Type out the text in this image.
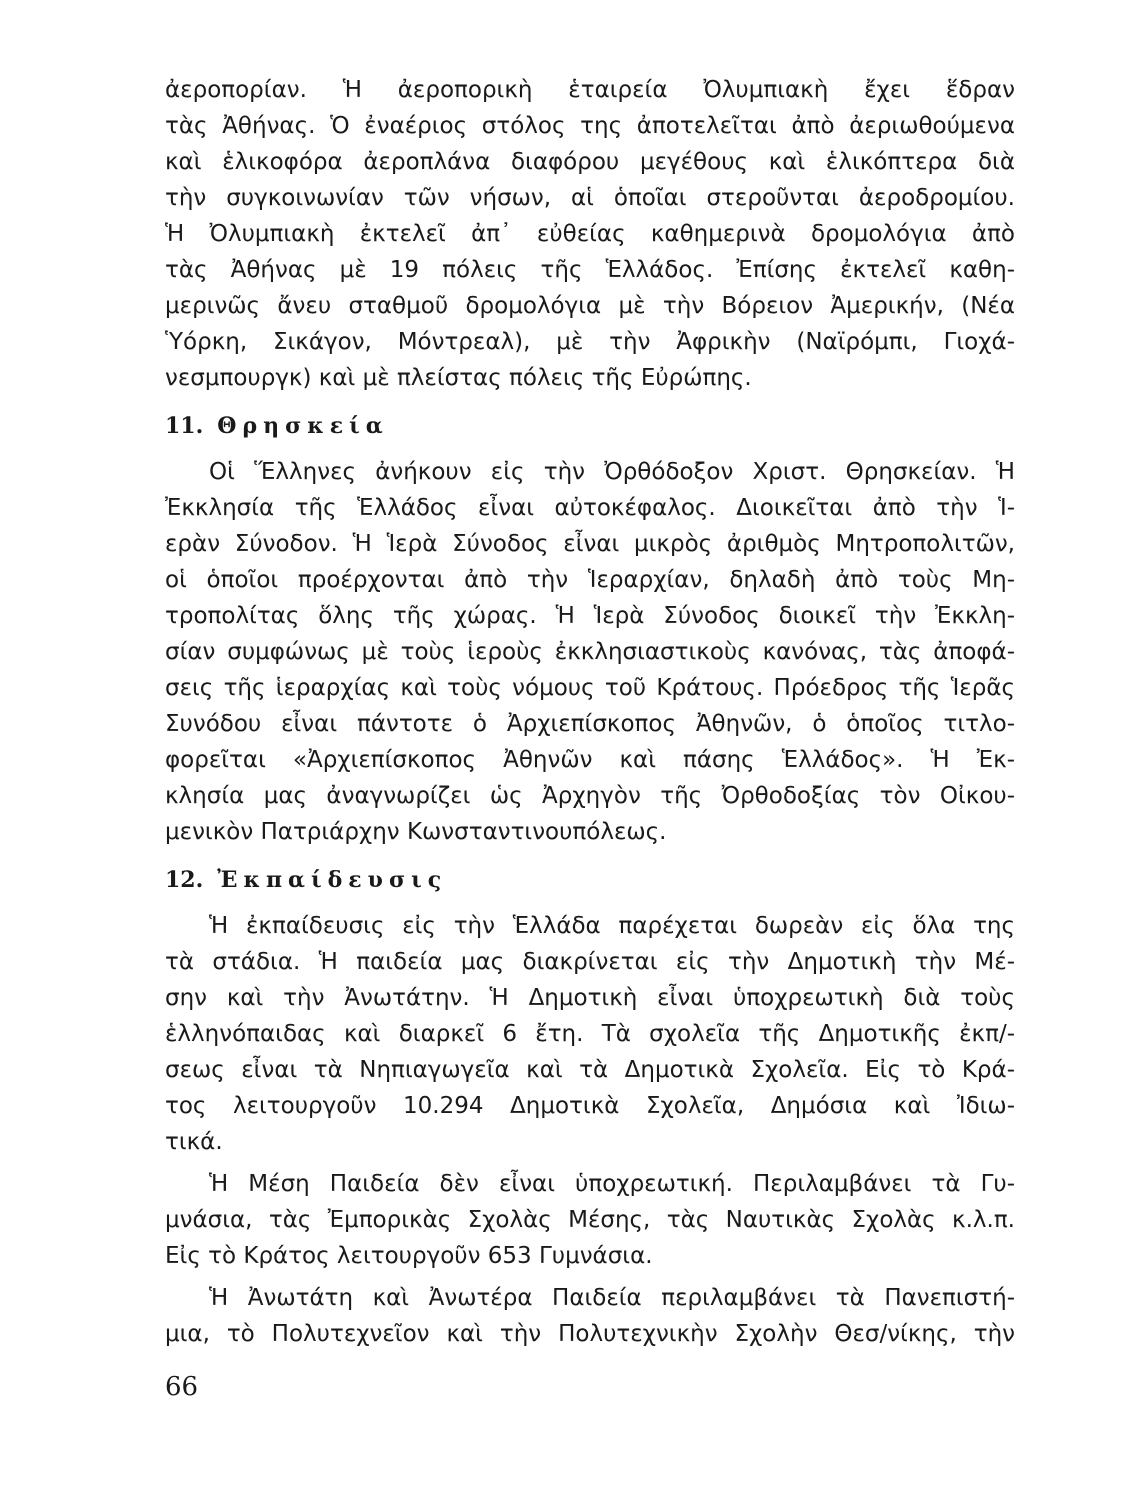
ἀεροπορίαν. Ἡ ἀεροπορικὴ ἑταιρεία Ὀλυμπιακὴ ἔχει ἕδραν
τὰς Ἀθήνας. Ὁ ἐναέριος στόλος της ἀποτελεῖται ἀπὸ ἀεριωθούμενα
καὶ ἑλικοφόρα ἀεροπλάνα διαφόρου μεγέθους καὶ ἑλικόπτερα διὰ
τὴν συγκοινωνίαν τῶν νήσων, αἱ ὁποῖαι στεροῦνται ἀεροδρομίου.
Ἡ Ὀλυμπιακὴ ἐκτελεῖ ἀπ᾽ εὐθείας καθημερινὰ δρομολόγια ἀπὸ
τὰς Ἀθήνας μὲ 19 πόλεις τῆς Ἑλλάδος. Ἐπίσης ἐκτελεῖ καθη-
μερινῶς ἄνευ σταθμοῦ δρομολόγια μὲ τὴν Βόρειον Ἀμερικήν, (Νέα
Ὑόρκη, Σικάγον, Μόντρεαλ), μὲ τὴν Ἀφρικὴν (Ναϊρόμπι, Γιοχά-
νεσμπουργκ) καὶ μὲ πλείστας πόλεις τῆς Εὐρώπης.
11. Θρησκεία
Οἱ Ἕλληνες ἀνήκουν εἰς τὴν Ὀρθόδοξον Χριστ. Θρησκείαν. Ἡ
Ἐκκλησία τῆς Ἑλλάδος εἶναι αὐτοκέφαλος. Διοικεῖται ἀπὸ τὴν Ἱ-
ερὰν Σύνοδον. Ἡ Ἱερὰ Σύνοδος εἶναι μικρὸς ἀριθμὸς Μητροπολιτῶν,
οἱ ὁποῖοι προέρχονται ἀπὸ τὴν Ἱεραρχίαν, δηλαδὴ ἀπὸ τοὺς Μη-
τροπολίτας ὅλης τῆς χώρας. Ἡ Ἱερὰ Σύνοδος διοικεῖ τὴν Ἐκκλη-
σίαν συμφώνως μὲ τοὺς ἱεροὺς ἐκκλησιαστικοὺς κανόνας, τὰς ἀποφά-
σεις τῆς ἱεραρχίας καὶ τοὺς νόμους τοῦ Κράτους. Πρόεδρος τῆς Ἱερᾶς
Συνόδου εἶναι πάντοτε ὁ Ἀρχιεπίσκοπος Ἀθηνῶν, ὁ ὁποῖος τιτλο-
φορεῖται «Ἀρχιεπίσκοπος Ἀθηνῶν καὶ πάσης Ἑλλάδος». Ἡ Ἐκ-
κλησία μας ἀναγνωρίζει ὡς Ἀρχηγὸν τῆς Ὀρθοδοξίας τὸν Οἰκου-
μενικὸν Πατριάρχην Κωνσταντινουπόλεως.
12. Ἐκπαίδευσις
Ἡ ἐκπαίδευσις εἰς τὴν Ἑλλάδα παρέχεται δωρεὰν εἰς ὅλα της
τὰ στάδια. Ἡ παιδεία μας διακρίνεται εἰς τὴν Δημοτικὴ τὴν Μέ-
σην καὶ τὴν Ἀνωτάτην. Ἡ Δημοτικὴ εἶναι ὑποχρεωτικὴ διὰ τοὺς
ἑλληνόπαιδας καὶ διαρκεῖ 6 ἔτη. Τὰ σχολεῖα τῆς Δημοτικῆς ἐκπ/-
σεως εἶναι τὰ Νηπιαγωγεῖα καὶ τὰ Δημοτικὰ Σχολεῖα. Εἰς τὸ Κρά-
τος λειτουργοῦν 10.294 Δημοτικὰ Σχολεῖα, Δημόσια καὶ Ἰδιω-
τικά.
Ἡ Μέση Παιδεία δὲν εἶναι ὑποχρεωτική. Περιλαμβάνει τὰ Γυ-
μνάσια, τὰς Ἐμπορικὰς Σχολὰς Μέσης, τὰς Ναυτικὰς Σχολὰς κ.λ.π.
Εἰς τὸ Κράτος λειτουργοῦν 653 Γυμνάσια.
Ἡ Ἀνωτάτη καὶ Ἀνωτέρα Παιδεία περιλαμβάνει τὰ Πανεπιστή-
μια, τὸ Πολυτεχνεῖον καὶ τὴν Πολυτεχνικὴν Σχολὴν Θεσ/νίκης, τὴν
66
